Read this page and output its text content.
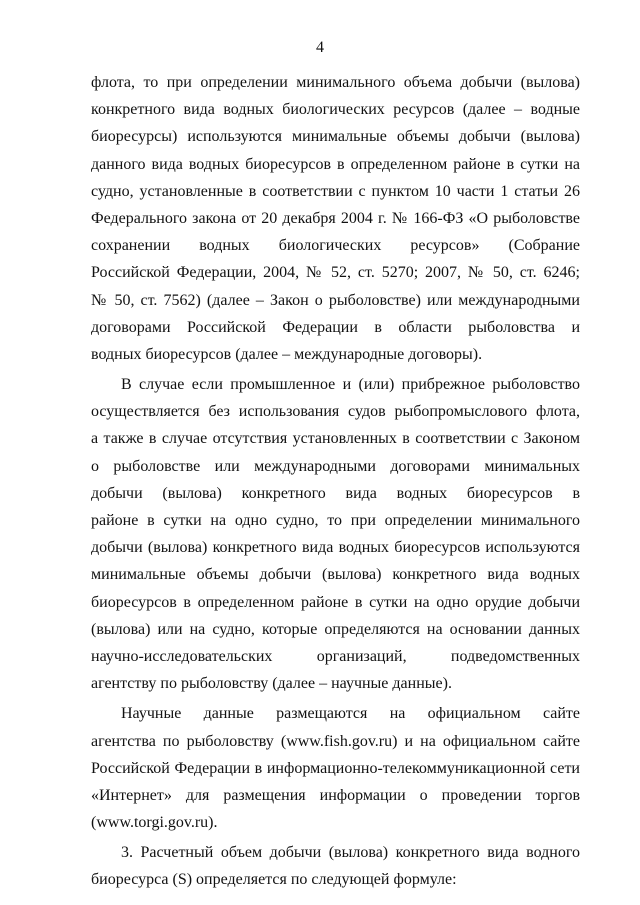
4
флота, то при определении минимального объема добычи (вылова)
конкретного вида водных биологических ресурсов (далее – водные
биоресурсы) используются минимальные объемы добычи (вылова)
данного вида водных биоресурсов в определенном районе в сутки на
судно, установленные в соответствии с пунктом 10 части 1 статьи 26
Федерального закона от 20 декабря 2004 г. № 166-ФЗ «О рыболовстве
сохранении водных биологических ресурсов» (Собрание
Российской Федерации, 2004, № 52, ст. 5270; 2007, № 50, ст. 6246;
№ 50, ст. 7562) (далее – Закон о рыболовстве) или международными
договорами Российской Федерации в области рыболовства и
водных биоресурсов (далее – международные договоры).
В случае если промышленное и (или) прибрежное рыболовство
осуществляется без использования судов рыбопромыслового флота,
а также в случае отсутствия установленных в соответствии с Законом
о рыболовстве или международными договорами минимальных
добычи (вылова) конкретного вида водных биоресурсов в
районе в сутки на одно судно, то при определении минимального
добычи (вылова) конкретного вида водных биоресурсов используются
минимальные объемы добычи (вылова) конкретного вида водных
биоресурсов в определенном районе в сутки на одно орудие добычи
(вылова) или на судно, которые определяются на основании данных
научно-исследовательских организаций, подведомственных
агентству по рыболовству (далее – научные данные).
Научные данные размещаются на официальном сайте
агентства по рыболовству (www.fish.gov.ru) и на официальном сайте
Российской Федерации в информационно-телекоммуникационной сети
«Интернет» для размещения информации о проведении торгов
(www.torgi.gov.ru).
3. Расчетный объем добычи (вылова) конкретного вида водного
биоресурса (S) определяется по следующей формуле:
